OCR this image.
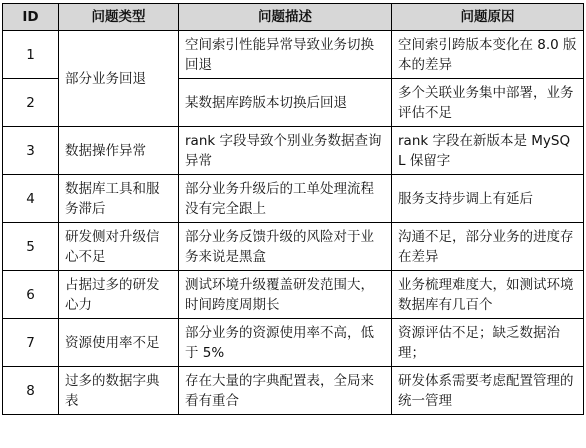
ID	问题类型	问题描述	问题原因
1	部分业务回退	空间索引性能异常导致业务切换回退	空间索引跨版本变化在 8.0 版本的差异
2		某数据库跨版本切换后回退	多个关联业务集中部署，业务评估不足
3	数据操作异常	rank 字段导致个别业务数据查询异常	rank 字段在新版本是 MySQL 保留字
4	数据库工具和服务滞后	部分业务升级后的工单处理流程没有完全跟上	服务支持步调上有延后
5	研发侧对升级信心不足	部分业务反馈升级的风险对于业务来说是黑盒	沟通不足，部分业务的进度存在差异
6	占据过多的研发心力	测试环境升级覆盖研发范围大，时间跨度周期长	业务梳理难度大，如测试环境数据库有几百个
7	资源使用率不足	部分业务的资源使用率不高，低于 5%	资源评估不足；缺乏数据治理；
8	过多的数据字典表	存在大量的字典配置表，全局来看有重合	研发体系需要考虑配置管理的统一管理
